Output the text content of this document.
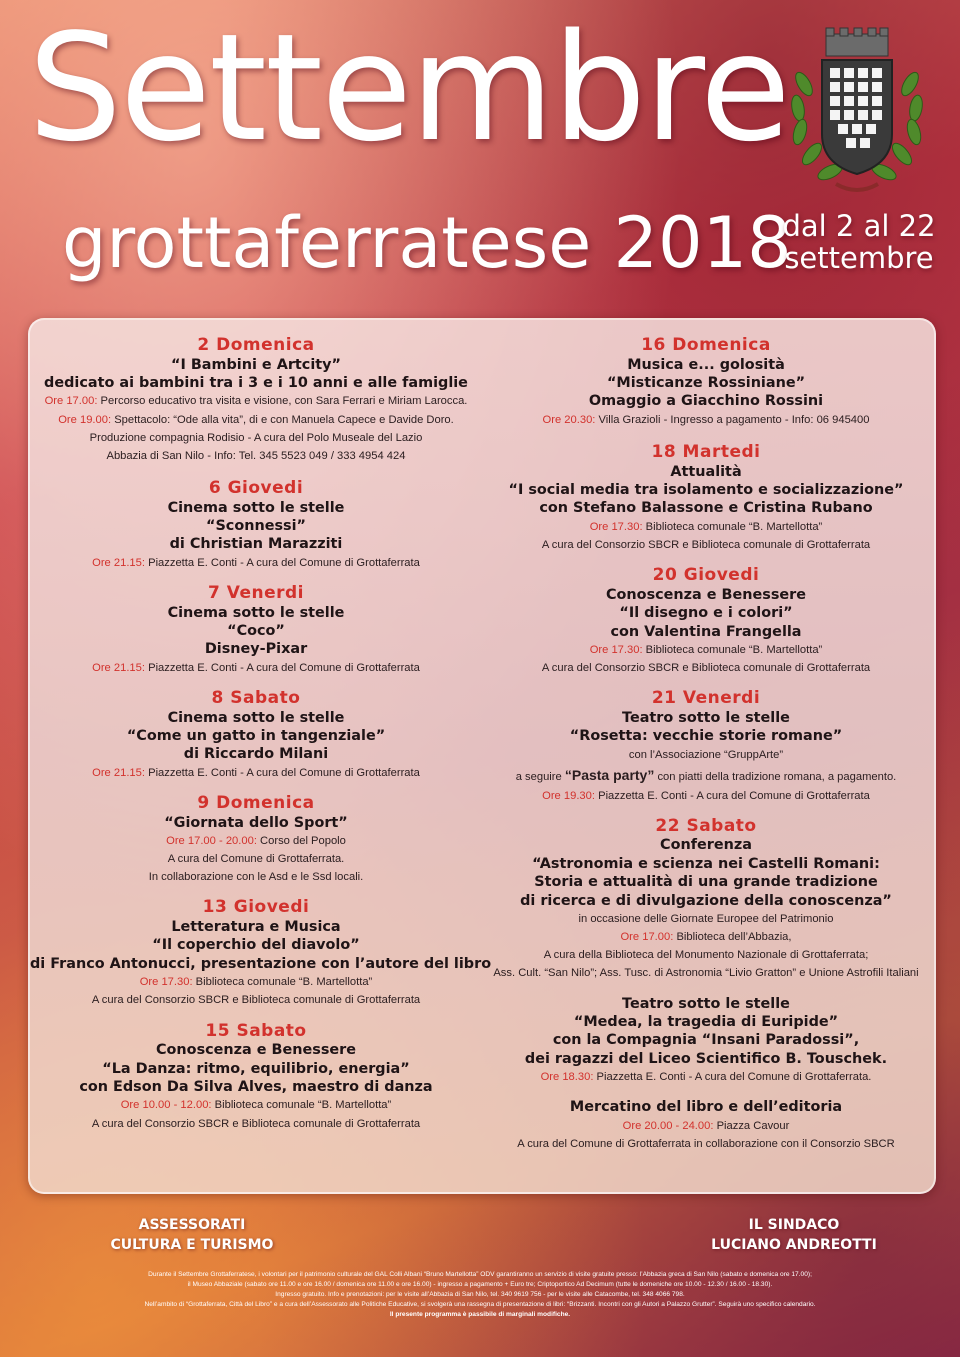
Settembre
grottaferratese 2018
dal 2 al 22
settembre
2 Domenica
“I Bambini e Artcity”
dedicato ai bambini tra i 3 e i 10 anni e alle famiglie
Ore 17.00: Percorso educativo tra visita e visione, con Sara Ferrari e Miriam Larocca.
Ore 19.00: Spettacolo: “Ode alla vita”, di e con Manuela Capece e Davide Doro.
Produzione compagnia Rodisio - A cura del Polo Museale del Lazio
Abbazia di San Nilo - Info: Tel. 345 5523 049 / 333 4954 424
6 Giovedi
Cinema sotto le stelle
“Sconnessi”
di Christian Marazziti
Ore 21.15: Piazzetta E. Conti - A cura del Comune di Grottaferrata
7 Venerdi
Cinema sotto le stelle
“Coco”
Disney-Pixar
Ore 21.15: Piazzetta E. Conti - A cura del Comune di Grottaferrata
8 Sabato
Cinema sotto le stelle
“Come un gatto in tangenziale”
di Riccardo Milani
Ore 21.15: Piazzetta E. Conti - A cura del Comune di Grottaferrata
9 Domenica
“Giornata dello Sport”
Ore 17.00 - 20.00: Corso del Popolo
A cura del Comune di Grottaferrata.
In collaborazione con le Asd e le Ssd locali.
13 Giovedi
Letteratura e Musica
“Il coperchio del diavolo”
di Franco Antonucci, presentazione con l’autore del libro
Ore 17.30: Biblioteca comunale “B. Martellotta”
A cura del Consorzio SBCR e Biblioteca comunale di Grottaferrata
15 Sabato
Conoscenza e Benessere
“La Danza: ritmo, equilibrio, energia”
con Edson Da Silva Alves, maestro di danza
Ore 10.00 - 12.00: Biblioteca comunale “B. Martellotta”
A cura del Consorzio SBCR e Biblioteca comunale di Grottaferrata
16 Domenica
Musica e... golosità
“Misticanze Rossiniane”
Omaggio a Giacchino Rossini
Ore 20.30: Villa Grazioli - Ingresso a pagamento - Info: 06 945400
18 Martedi
Attualità
“I social media tra isolamento e socializzazione”
con Stefano Balassone e Cristina Rubano
Ore 17.30: Biblioteca comunale “B. Martellotta”
A cura del Consorzio SBCR e Biblioteca comunale di Grottaferrata
20 Giovedi
Conoscenza e Benessere
“Il disegno e i colori”
con Valentina Frangella
Ore 17.30: Biblioteca comunale “B. Martellotta”
A cura del Consorzio SBCR e Biblioteca comunale di Grottaferrata
21 Venerdi
Teatro sotto le stelle
“Rosetta: vecchie storie romane”
con l’Associazione “GruppArte”
a seguire “Pasta party” con piatti della tradizione romana, a pagamento.
Ore 19.30: Piazzetta E. Conti - A cura del Comune di Grottaferrata
22 Sabato
Conferenza
“Astronomia e scienza nei Castelli Romani:
Storia e attualità di una grande tradizione
di ricerca e di divulgazione della conoscenza”
in occasione delle Giornate Europee del Patrimonio
Ore 17.00: Biblioteca dell’Abbazia,
A cura della Biblioteca del Monumento Nazionale di Grottaferrata;
Ass. Cult. “San Nilo”; Ass. Tusc. di Astronomia “Livio Gratton” e Unione Astrofili Italiani
Teatro sotto le stelle
“Medea, la tragedia di Euripide”
con la Compagnia “Insani Paradossi”,
dei ragazzi del Liceo Scientifico B. Touschek.
Ore 18.30: Piazzetta E. Conti - A cura del Comune di Grottaferrata.
Mercatino del libro e dell’editoria
Ore 20.00 - 24.00: Piazza Cavour
A cura del Comune di Grottaferrata in collaborazione con il Consorzio SBCR
ASSESSORATI
CULTURA E TURISMO
IL SINDACO
LUCIANO ANDREOTTI
Durante il Settembre Grottaferratese, i volontari per il patrimonio culturale del GAL Colli Albani “Bruno Martellotta” ODV garantiranno un servizio di visite gratuite presso: l’Abbazia greca di San Nilo (sabato e domenica ore 17.00);
il Museo Abbaziale (sabato ore 11.00 e ore 16.00 / domenica ore 11.00 e ore 16.00) - ingresso a pagamento + Euro tre; Criptoportico Ad Decimum (tutte le domeniche ore 10.00 - 12.30 / 16.00 - 18.30).
Ingresso gratuito. Info e prenotazioni: per le visite all’Abbazia di San Nilo, tel. 340 9619 756 - per le visite alle Catacombe, tel. 348 4066 798.
Nell’ambito di “Grottaferrata, Città del Libro” e a cura dell’Assessorato alle Politiche Educative, si svolgerà una rassegna di presentazione di libri: “Brizzanti. Incontri con gli Autori a Palazzo Grutter”. Seguirà uno specifico calendario.
Il presente programma è passibile di marginali modifiche.
